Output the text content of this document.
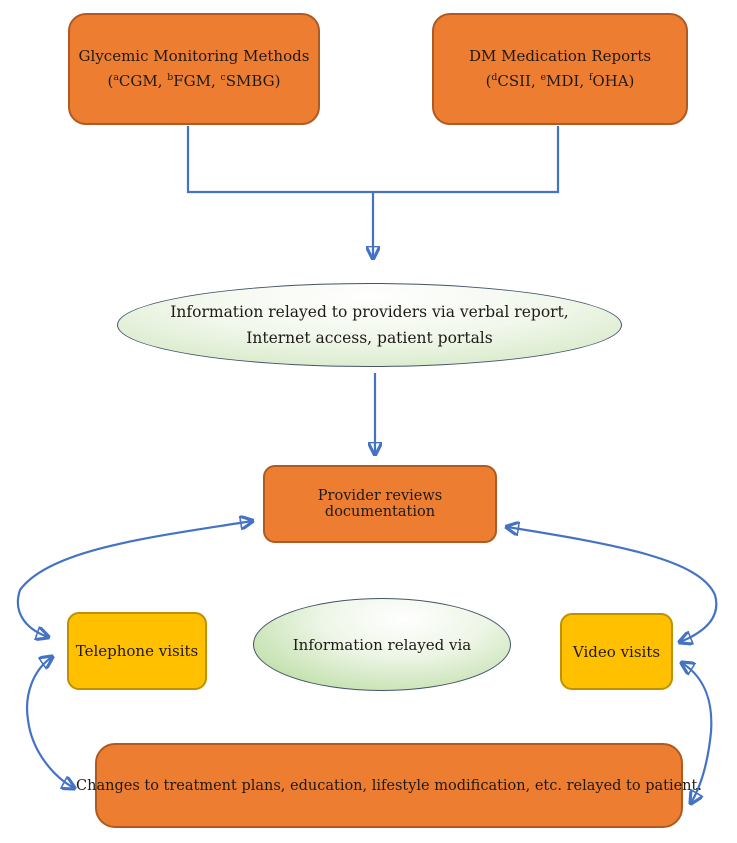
Glycemic Monitoring Methods
($^a$CGM, $^b$FGM, $^c$SMBG)
DM Medication Reports
($^d$CSII, $^e$MDI, $^f$OHA)
Information relayed to providers via verbal report,
Internet access, patient portals
Provider reviews documentation
Telephone visits	Information relayed via	Video visits
Changes to treatment plans, education, lifestyle modification, etc. relayed to patient.
